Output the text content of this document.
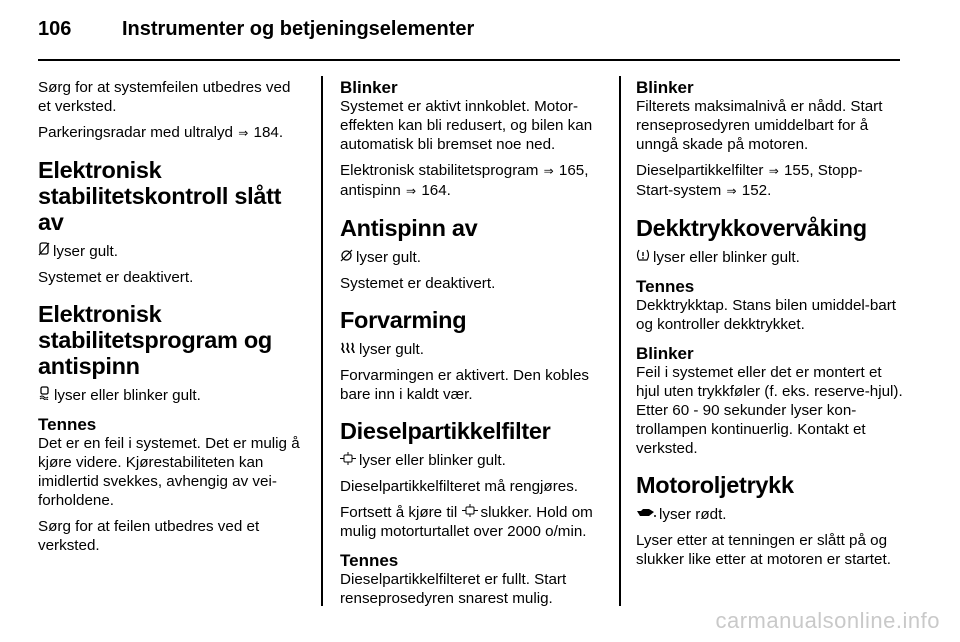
106	Instrumenter og betjeningselementer

Sørg for at systemfeilen utbedres ved et verksted.

Parkeringsradar med ultralyd ⇒ 184.

Elektronisk stabilitetskontroll slått av

lyser gult.

Systemet er deaktivert.

Elektronisk stabilitetsprogram og antispinn

lyser eller blinker gult.

Tennes

Det er en feil i systemet. Det er mulig å kjøre videre. Kjørestabiliteten kan imidlertid svekkes, avhengig av vei-forholdene.

Sørg for at feilen utbedres ved et verksted.

Blinker

Systemet er aktivt innkoblet. Motor-effekten kan bli redusert, og bilen kan automatisk bli bremset noe ned.

Elektronisk stabilitetsprogram ⇒ 165, antispinn ⇒ 164.

Antispinn av

lyser gult.

Systemet er deaktivert.

Forvarming

lyser gult.

Forvarmingen er aktivert. Den kobles bare inn i kaldt vær.

Dieselpartikkelfilter

lyser eller blinker gult.

Dieselpartikkelfilteret må rengjøres.

Fortsett å kjøre til slukker. Hold om mulig motorturtallet over 2000 o/min.

Tennes

Dieselpartikkelfilteret er fullt. Start renseprosedyren snarest mulig.

Blinker

Filterets maksimalnivå er nådd. Start renseprosedyren umiddelbart for å unngå skade på motoren.

Dieselpartikkelfilter ⇒ 155, Stopp-
Start-system ⇒ 152.

Dekktrykkovervåking

lyser eller blinker gult.

Tennes

Dekktrykktap. Stans bilen umiddel-bart og kontroller dekktrykket.

Blinker

Feil i systemet eller det er montert et hjul uten trykkføler (f. eks. reserve-hjul). Etter 60 - 90 sekunder lyser kon-trollampen kontinuerlig. Kontakt et verksted.

Motoroljetrykk

lyser rødt.

Lyser etter at tenningen er slått på og slukker like etter at motoren er startet.

carmanualsonline.info
